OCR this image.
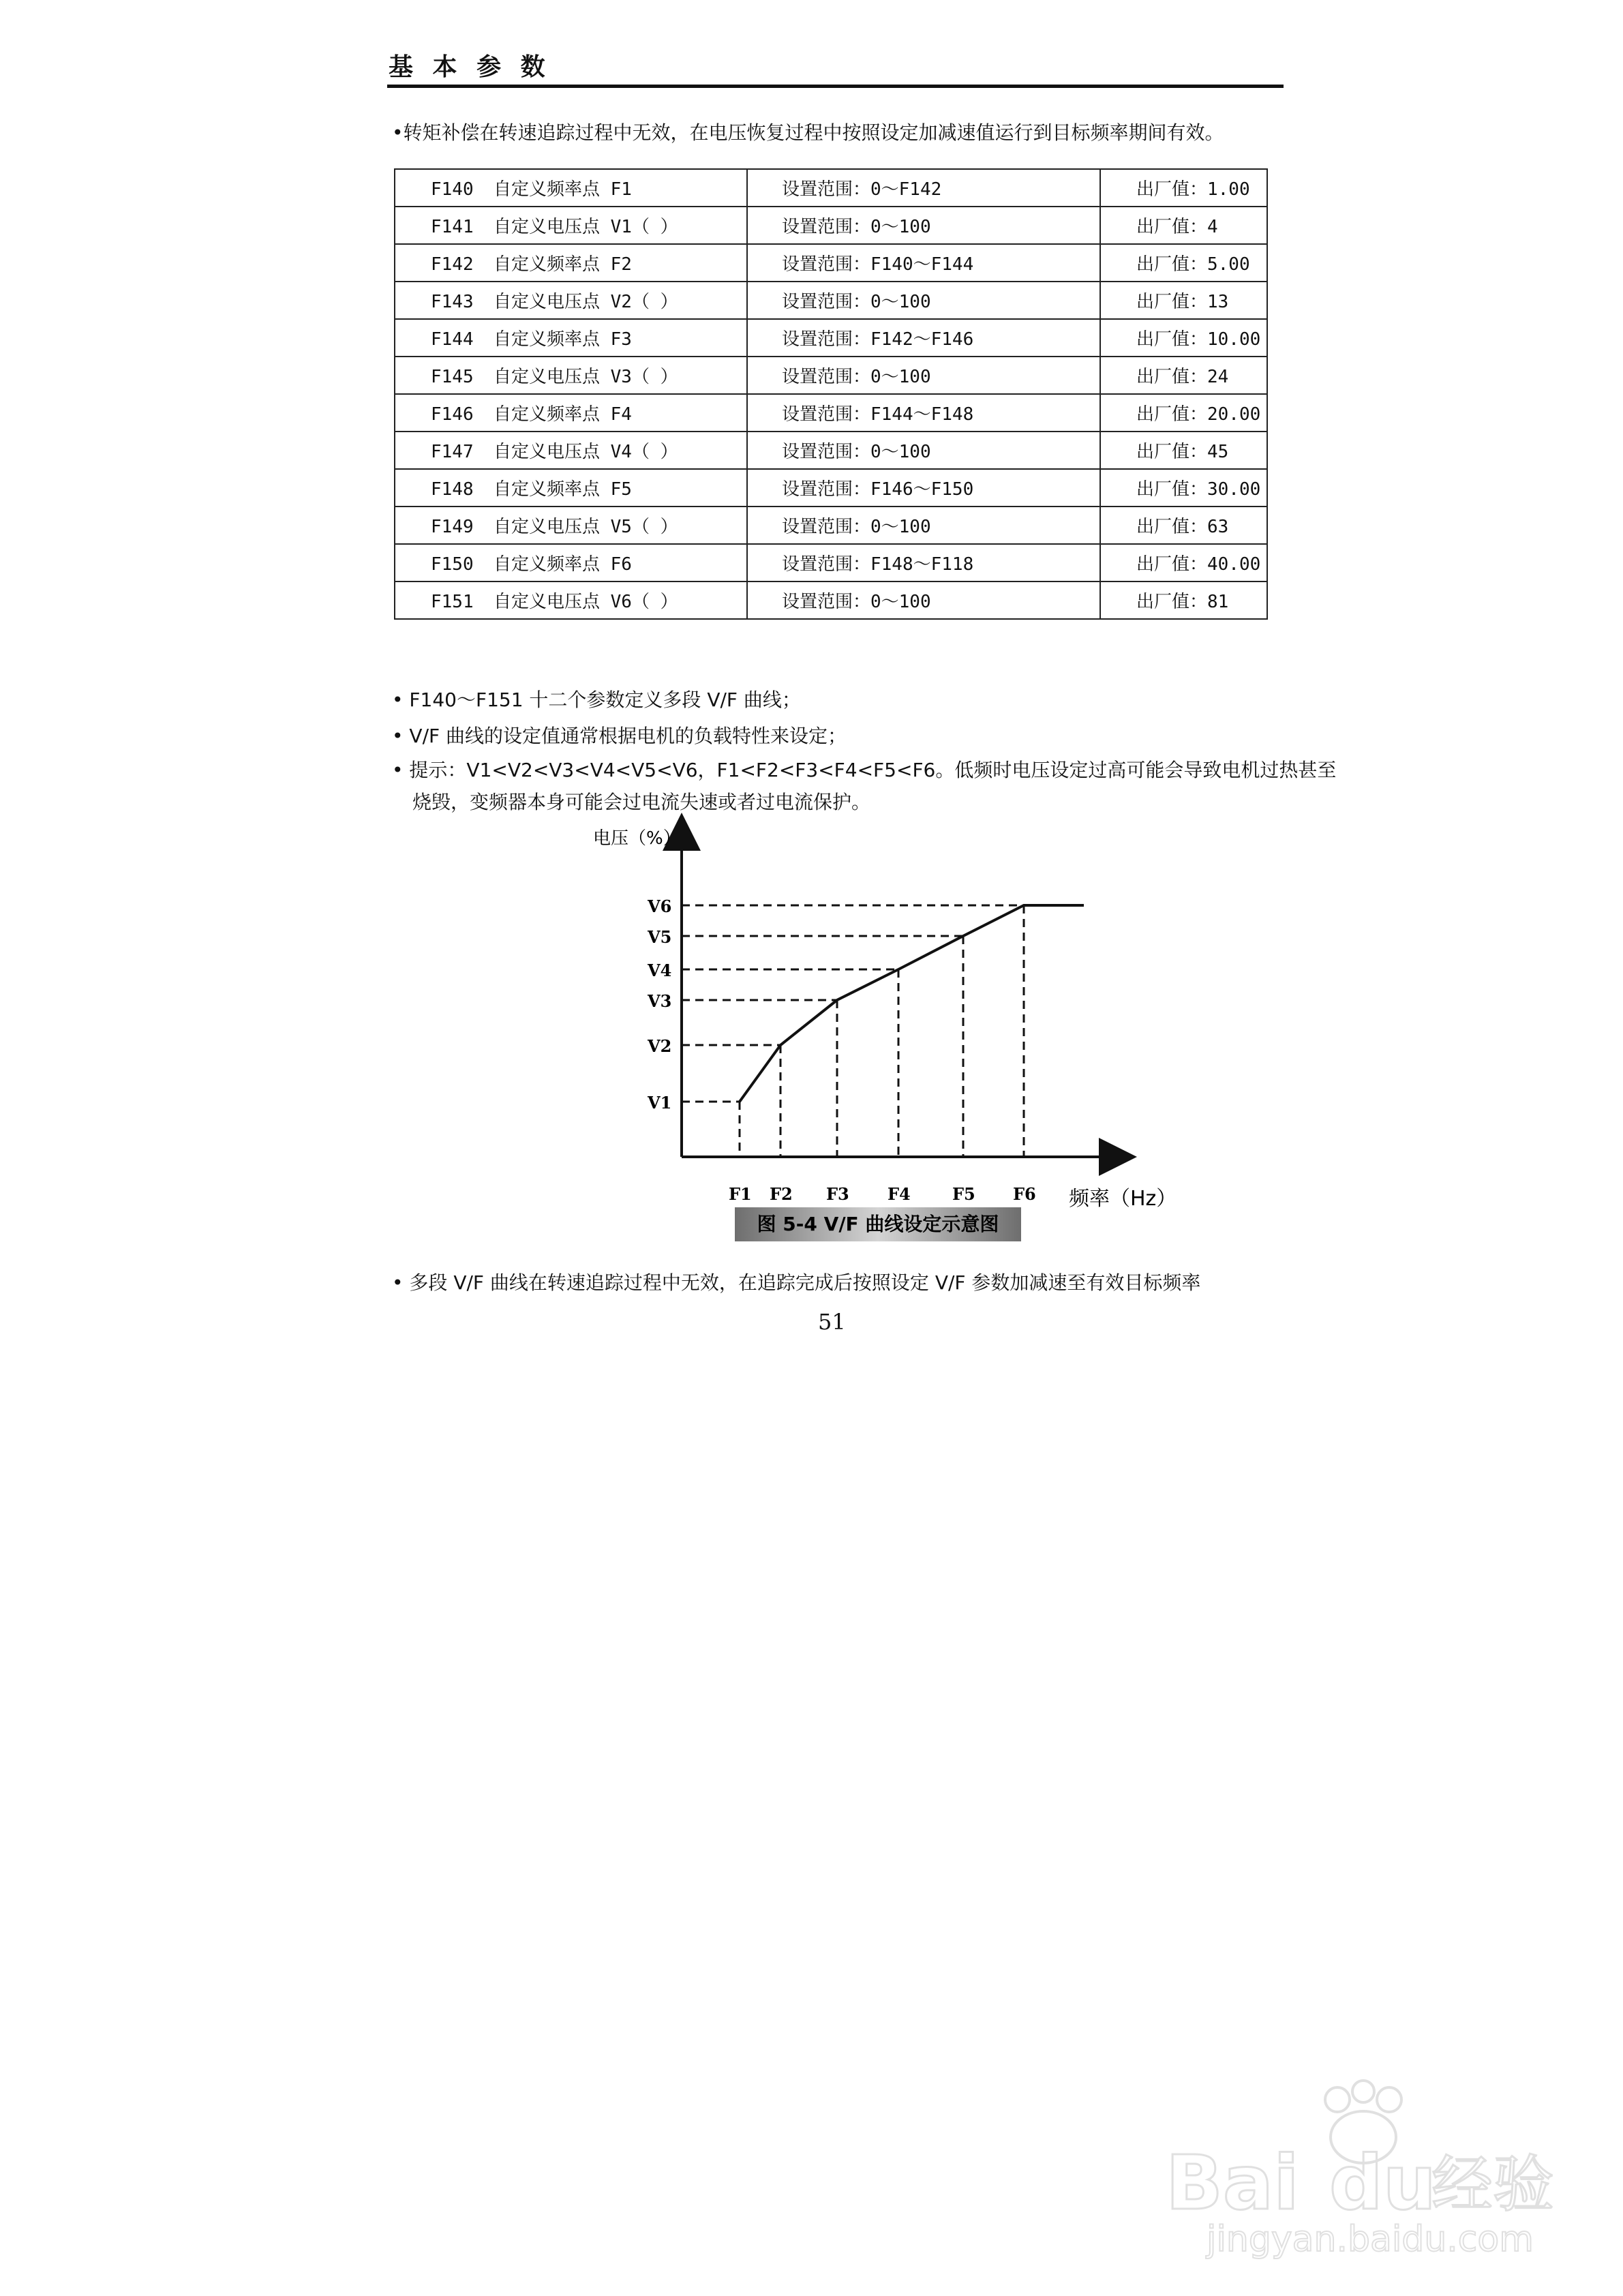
基 本 参 数
•转矩补偿在转速追踪过程中无效，在电压恢复过程中按照设定加减速值运行到目标频率期间有效。
F140 自定义频率点 F1	设置范围：0～F142	出厂值：1.00
F141 自定义电压点 V1（ ）	设置范围：0～100	出厂值：4
F142 自定义频率点 F2	设置范围：F140～F144	出厂值：5.00
F143 自定义电压点 V2（ ）	设置范围：0～100	出厂值：13
F144 自定义频率点 F3	设置范围：F142～F146	出厂值：10.00
F145 自定义电压点 V3（ ）	设置范围：0～100	出厂值：24
F146 自定义频率点 F4	设置范围：F144～F148	出厂值：20.00
F147 自定义电压点 V4（ ）	设置范围：0～100	出厂值：45
F148 自定义频率点 F5	设置范围：F146～F150	出厂值：30.00
F149 自定义电压点 V5（ ）	设置范围：0～100	出厂值：63
F150 自定义频率点 F6	设置范围：F148～F118	出厂值：40.00
F151 自定义电压点 V6（ ）	设置范围：0～100	出厂值：81
• F140～F151 十二个参数定义多段 V/F 曲线；
• V/F 曲线的设定值通常根据电机的负载特性来设定；
• 提示：V1<V2<V3<V4<V5<V6，F1<F2<F3<F4<F5<F6。低频时电压设定过高可能会导致电机过热甚至
烧毁，变频器本身可能会过电流失速或者过电流保护。
电压（%）
频率（Hz）
V1
F1
V2
F2
V3
F3
V4
F4
V5
F5
V6
F6
图 5-4 V/F 曲线设定示意图
• 多段 V/F 曲线在转速追踪过程中无效，在追踪完成后按照设定 V/F 参数加减速至有效目标频率
51
Bai du
经验
jingyan.baidu.com
